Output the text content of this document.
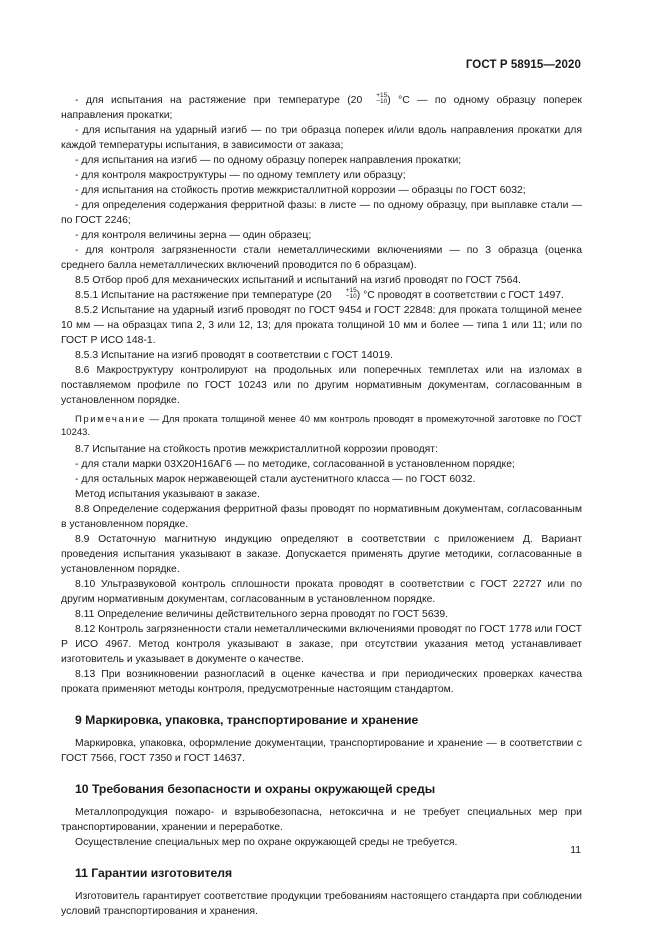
ГОСТ Р 58915—2020

- для испытания на растяжение при температуре (20	+15
−10 ) °С — по одному образцу поперек направления прокатки;

- для испытания на ударный изгиб — по три образца поперек и/или вдоль направления прокатки для каждой температуры испытания, в зависимости от заказа;

- для испытания на изгиб — по одному образцу поперек направления прокатки;

- для контроля макроструктуры — по одному темплету или образцу;

- для испытания на стойкость против межкристаллитной коррозии — образцы по ГОСТ 6032;

- для определения содержания ферритной фазы: в листе — по одному образцу, при выплавке стали — по ГОСТ 2246;

- для контроля величины зерна — один образец;

- для контроля загрязненности стали неметаллическими включениями — по 3 образца (оценка среднего балла неметаллических включений проводится по 6 образцам).

8.5 Отбор проб для механических испытаний и испытаний на изгиб проводят по ГОСТ 7564.

8.5.1 Испытание на растяжение при температуре (20	+15
−10 ) °С проводят в соответствии с ГОСТ 1497.

8.5.2 Испытание на ударный изгиб проводят по ГОСТ 9454 и ГОСТ 22848: для проката толщиной менее 10 мм — на образцах типа 2, 3 или 12, 13; для проката толщиной 10 мм и более — типа 1 или 11; или по ГОСТ Р ИСО 148-1.

8.5.3 Испытание на изгиб проводят в соответствии с ГОСТ 14019.

8.6 Макроструктуру контролируют на продольных или поперечных темплетах или на изломах в поставляемом профиле по ГОСТ 10243 или по другим нормативным документам, согласованным в установленном порядке.

Примечание — Для проката толщиной менее 40 мм контроль проводят в промежуточной заготовке по ГОСТ 10243.

8.7 Испытание на стойкость против межкристаллитной коррозии проводят:

- для стали марки 03Х20Н16АГ6 — по методике, согласованной в установленном порядке;

- для остальных марок нержавеющей стали аустенитного класса — по ГОСТ 6032.

Метод испытания указывают в заказе.

8.8 Определение содержания ферритной фазы проводят по нормативным документам, согласованным в установленном порядке.

8.9 Остаточную магнитную индукцию определяют в соответствии с приложением Д. Вариант проведения испытания указывают в заказе. Допускается применять другие методики, согласованные в установленном порядке.

8.10 Ультразвуковой контроль сплошности проката проводят в соответствии с ГОСТ 22727 или по другим нормативным документам, согласованным в установленном порядке.

8.11 Определение величины действительного зерна проводят по ГОСТ 5639.

8.12 Контроль загрязненности стали неметаллическими включениями проводят по ГОСТ 1778 или ГОСТ Р ИСО 4967. Метод контроля указывают в заказе, при отсутствии указания метод устанавливает изготовитель и указывает в документе о качестве.

8.13 При возникновении разногласий в оценке качества и при периодических проверках качества проката применяют методы контроля, предусмотренные настоящим стандартом.

9 Маркировка, упаковка, транспортирование и хранение

Маркировка, упаковка, оформление документации, транспортирование и хранение — в соответствии с ГОСТ 7566, ГОСТ 7350 и ГОСТ 14637.

10 Требования безопасности и охраны окружающей среды

Металлопродукция пожаро- и взрывобезопасна, нетоксична и не требует специальных мер при транспортировании, хранении и переработке.

Осуществление специальных мер по охране окружающей среды не требуется.

11 Гарантии изготовителя

Изготовитель гарантирует соответствие продукции требованиям настоящего стандарта при соблюдении условий транспортирования и хранения.

11
